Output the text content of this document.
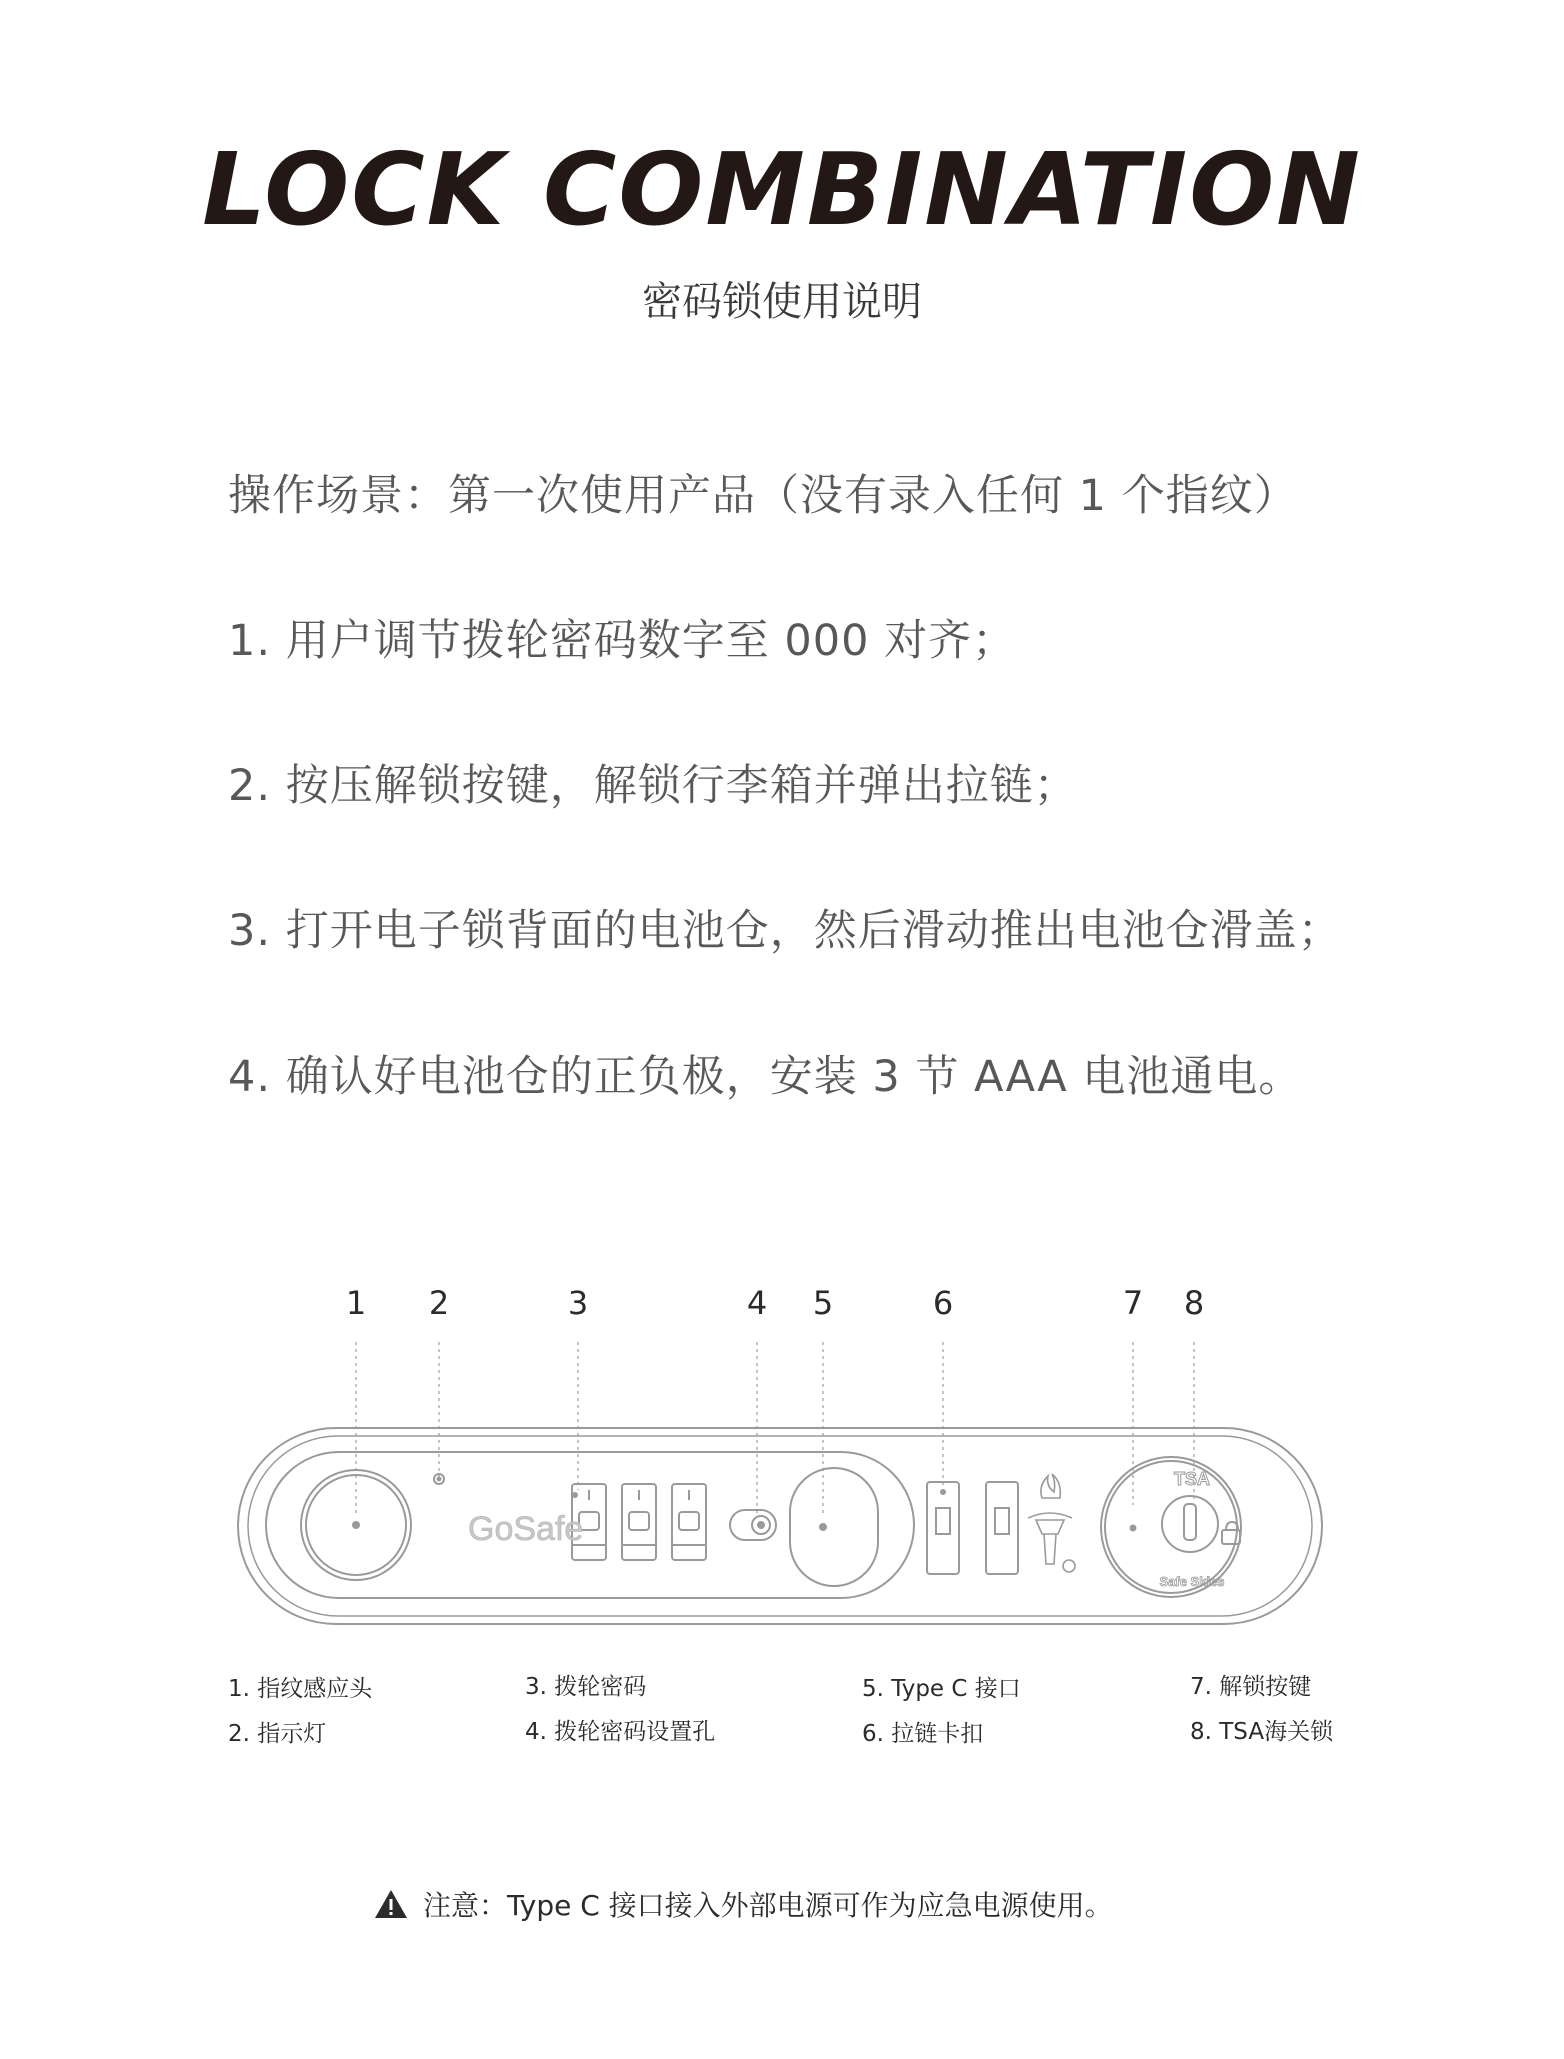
LOCK COMBINATION

密码锁使用说明

操作场景：第一次使用产品（没有录入任何 1 个指纹）

1. 用户调节拨轮密码数字至 000 对齐；

2. 按压解锁按键，解锁行李箱并弹出拉链；

3. 打开电子锁背面的电池仓，然后滑动推出电池仓滑盖；

4. 确认好电池仓的正负极，安装 3 节 AAA 电池通电。

1 2	3	4 5	6	7 8
GoSafe
TSA
Safe Skies
1. 指纹感应头
2. 指示灯
3. 拨轮密码
4. 拨轮密码设置孔
5. Type C 接口
6. 拉链卡扣
7. 解锁按键
8. TSA海关锁
注意：Type C 接口接入外部电源可作为应急电源使用。
